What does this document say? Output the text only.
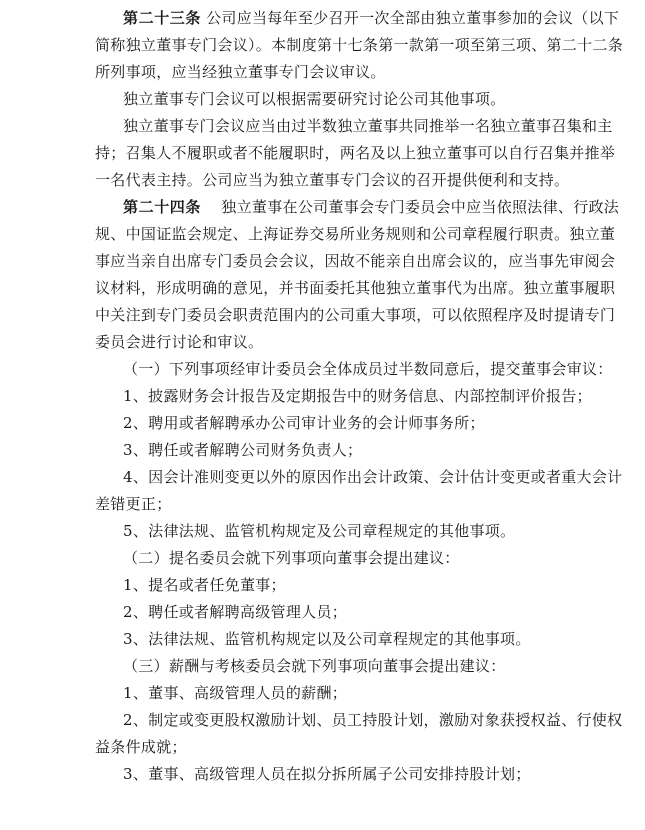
第二十三条 公司应当每年至少召开一次全部由独立董事参加的会议（以下
简称独立董事专门会议）。本制度第十七条第一款第一项至第三项、第二十二条
所列事项，应当经独立董事专门会议审议。
独立董事专门会议可以根据需要研究讨论公司其他事项。
独立董事专门会议应当由过半数独立董事共同推举一名独立董事召集和主
持；召集人不履职或者不能履职时，两名及以上独立董事可以自行召集并推举
一名代表主持。公司应当为独立董事专门会议的召开提供便利和支持。
第二十四条 独立董事在公司董事会专门委员会中应当依照法律、行政法
规、中国证监会规定、上海证券交易所业务规则和公司章程履行职责。独立董
事应当亲自出席专门委员会会议，因故不能亲自出席会议的，应当事先审阅会
议材料，形成明确的意见，并书面委托其他独立董事代为出席。独立董事履职
中关注到专门委员会职责范围内的公司重大事项，可以依照程序及时提请专门
委员会进行讨论和审议。
（一）下列事项经审计委员会全体成员过半数同意后，提交董事会审议：
1、披露财务会计报告及定期报告中的财务信息、内部控制评价报告；
2、聘用或者解聘承办公司审计业务的会计师事务所；
3、聘任或者解聘公司财务负责人；
4、因会计准则变更以外的原因作出会计政策、会计估计变更或者重大会计
差错更正；
5、法律法规、监管机构规定及公司章程规定的其他事项。
（二）提名委员会就下列事项向董事会提出建议：
1、提名或者任免董事；
2、聘任或者解聘高级管理人员；
3、法律法规、监管机构规定以及公司章程规定的其他事项。
（三）薪酬与考核委员会就下列事项向董事会提出建议：
1、董事、高级管理人员的薪酬；
2、制定或变更股权激励计划、员工持股计划，激励对象获授权益、行使权
益条件成就；
3、董事、高级管理人员在拟分拆所属子公司安排持股计划；
